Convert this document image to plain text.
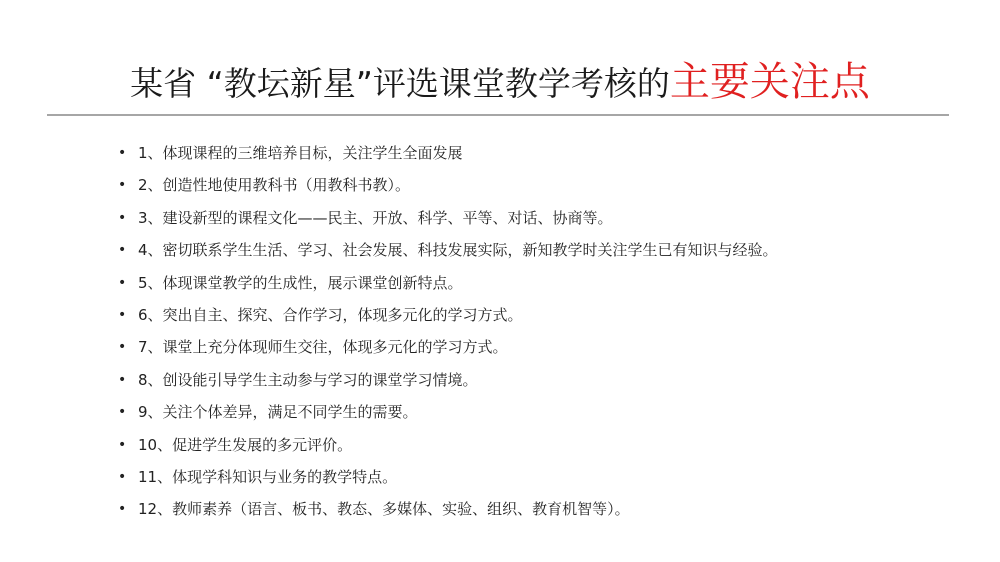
某省 “教坛新星”评选课堂教学考核的主要关注点
• 1、体现课程的三维培养目标，关注学生全面发展
• 2、创造性地使用教科书（用教科书教）。
• 3、建设新型的课程文化——民主、开放、科学、平等、对话、协商等。
• 4、密切联系学生生活、学习、社会发展、科技发展实际，新知教学时关注学生已有知识与经验。
• 5、体现课堂教学的生成性，展示课堂创新特点。
• 6、突出自主、探究、合作学习，体现多元化的学习方式。
• 7、课堂上充分体现师生交往，体现多元化的学习方式。
• 8、创设能引导学生主动参与学习的课堂学习情境。
• 9、关注个体差异，满足不同学生的需要。
• 10、促进学生发展的多元评价。
• 11、体现学科知识与业务的教学特点。
• 12、教师素养（语言、板书、教态、多媒体、实验、组织、教育机智等）。
